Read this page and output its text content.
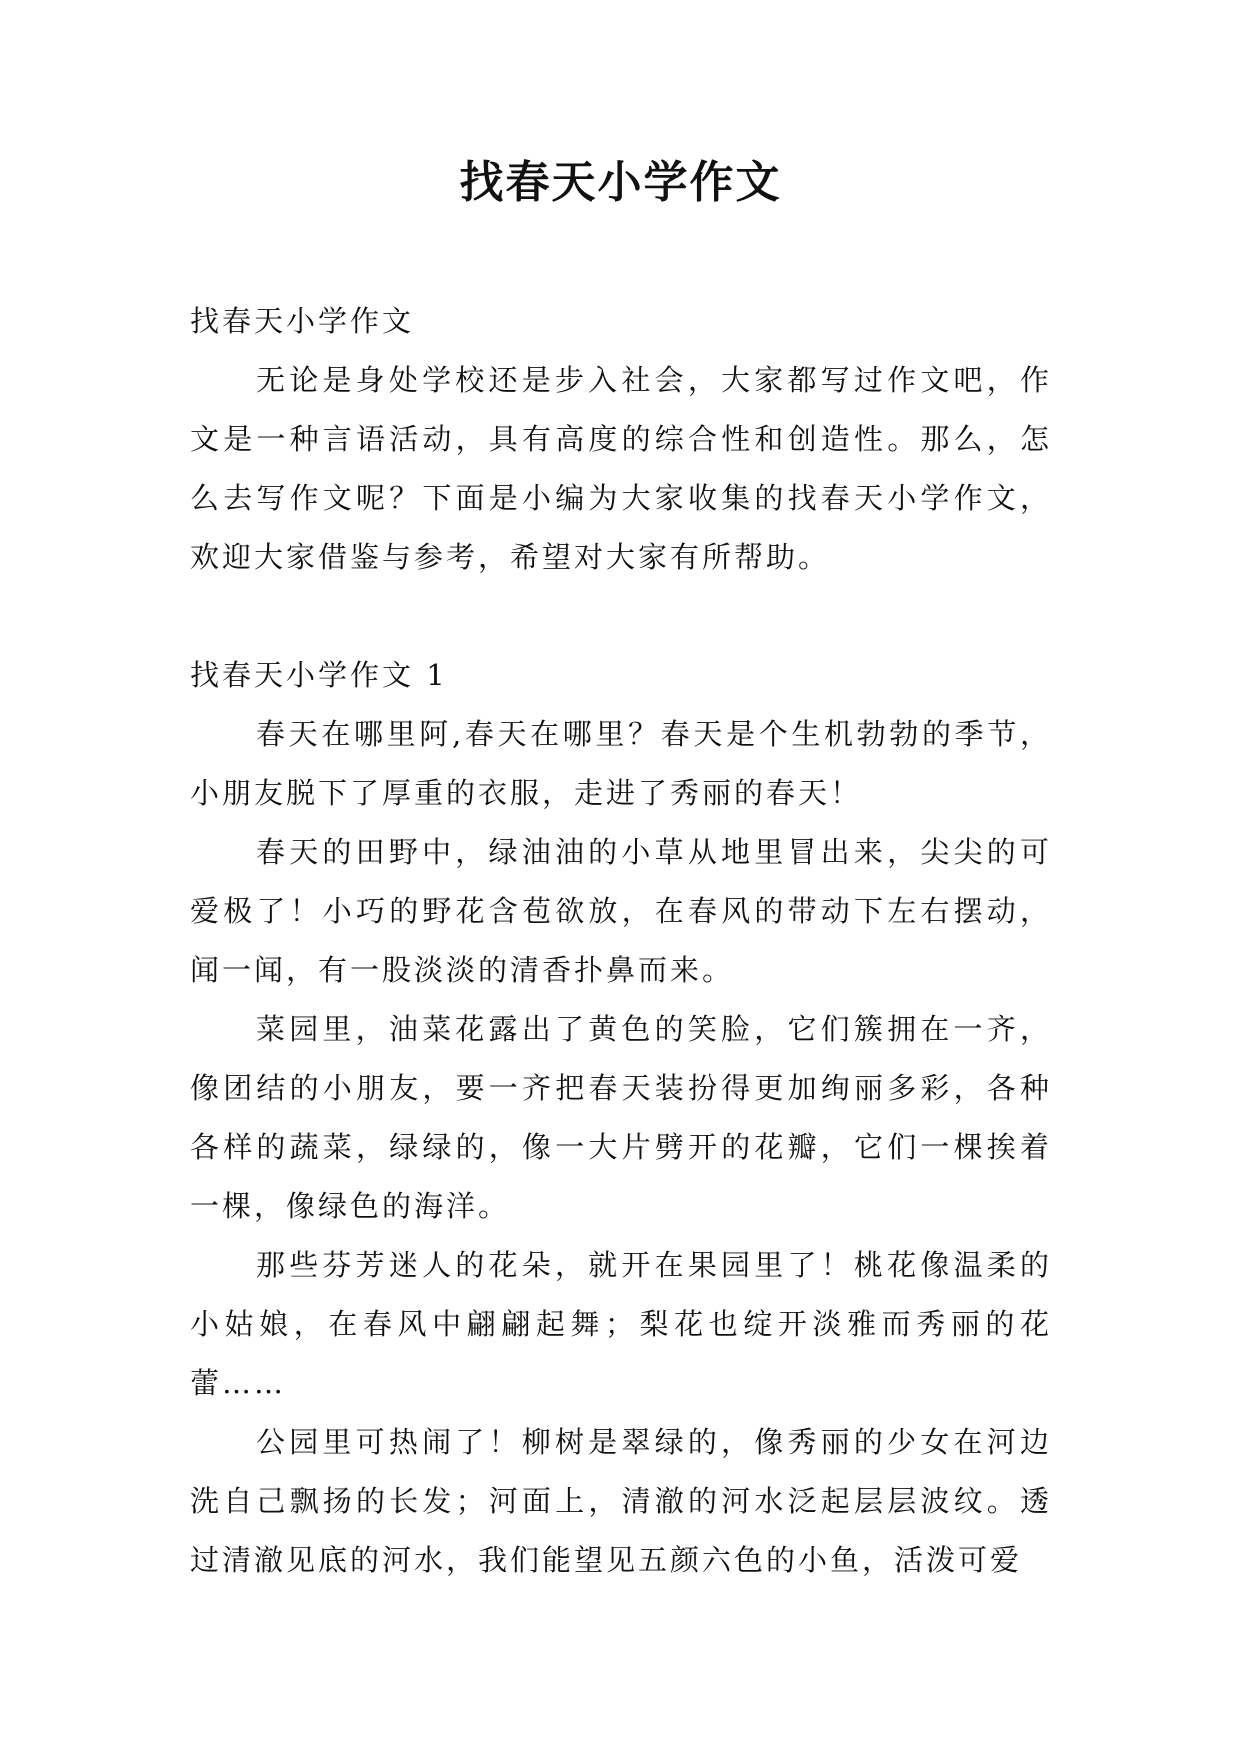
找春天小学作文

找春天小学作文

无论是身处学校还是步入社会，大家都写过作文吧，作文是一种言语活动，具有高度的综合性和创造性。那么，怎么去写作文呢？下面是小编为大家收集的找春天小学作文，欢迎大家借鉴与参考，希望对大家有所帮助。

找春天小学作文 1

春天在哪里阿,春天在哪里？春天是个生机勃勃的季节，小朋友脱下了厚重的衣服，走进了秀丽的春天！

春天的田野中，绿油油的小草从地里冒出来，尖尖的可爱极了！小巧的野花含苞欲放，在春风的带动下左右摆动，闻一闻，有一股淡淡的清香扑鼻而来。

菜园里，油菜花露出了黄色的笑脸，它们簇拥在一齐，像团结的小朋友，要一齐把春天装扮得更加绚丽多彩，各种各样的蔬菜，绿绿的，像一大片劈开的花瓣，它们一棵挨着一棵，像绿色的海洋。

那些芬芳迷人的花朵，就开在果园里了！桃花像温柔的小姑娘，在春风中翩翩起舞；梨花也绽开淡雅而秀丽的花蕾……

公园里可热闹了！柳树是翠绿的，像秀丽的少女在河边洗自己飘扬的长发；河面上，清澈的河水泛起层层波纹。透过清澈见底的河水，我们能望见五颜六色的小鱼，活泼可爱
